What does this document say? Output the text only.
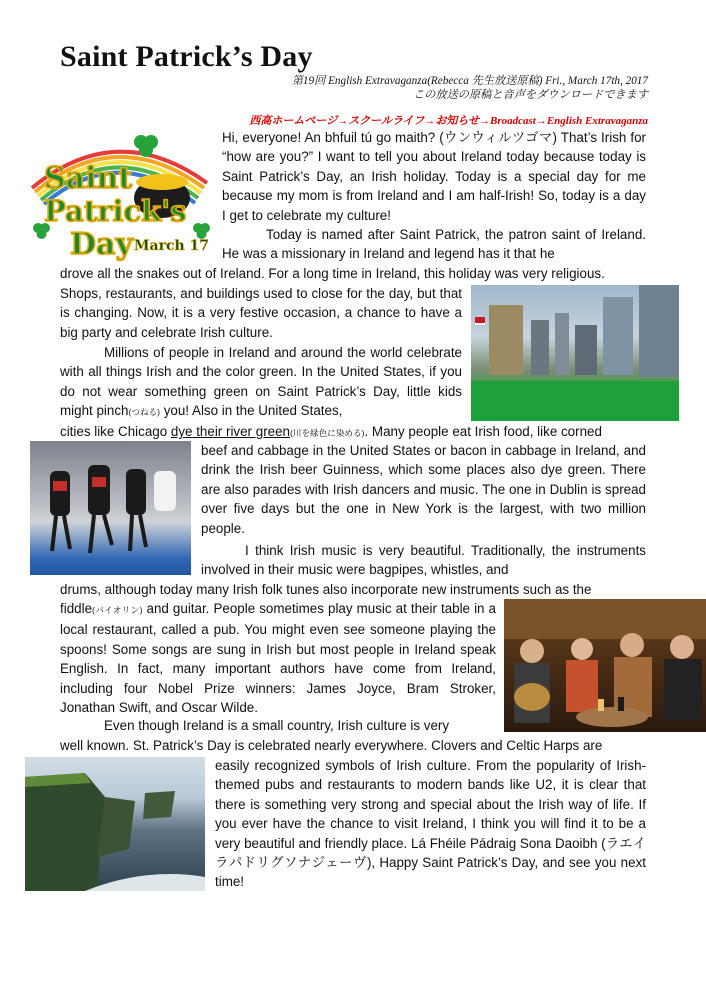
Saint Patrick’s Day
第19回 English Extravaganza(Rebecca 先生放送原稿) Fri., March 17th, 2017
この放送の原稿と音声をダウンロードできます
西高ホームページ→スクールライフ→お知らせ→Broadcast→English Extravaganza
Saint
Patrick's
Day March 17

Hi, everyone! An bhfuil tú go maith? (ウンウィルツゴマ) That’s Irish for “how are you?” I want to tell you about Ireland today because today is Saint Patrick’s Day, an Irish holiday. Today is a special day for me because my mom is from Ireland and I am half-Irish! So, today is a day I get to celebrate my culture!

Today is named after Saint Patrick, the patron saint of Ireland. He was a missionary in Ireland and legend has it that he

drove all the snakes out of Ireland. For a long time in Ireland, this holiday was very religious.

Shops, restaurants, and buildings used to close for the day, but that is changing. Now, it is a very festive occasion, a chance to have a big party and celebrate Irish culture.

Millions of people in Ireland and around the world celebrate with all things Irish and the color green. In the United States, if you do not wear something green on Saint Patrick’s Day, little kids might pinch(つねる) you! Also in the United States,

cities like Chicago dye their river green(川を緑色に染める). Many people eat Irish food, like corned

beef and cabbage in the United States or bacon in cabbage in Ireland, and drink the Irish beer Guinness, which some places also dye green. There are also parades with Irish dancers and music. The one in Dublin is spread over five days but the one in New York is the largest, with two million people.

I think Irish music is very beautiful. Traditionally, the instruments involved in their music were bagpipes, whistles, and

drums, although today many Irish folk tunes also incorporate new instruments such as the

fiddle(バイオリン) and guitar. People sometimes play music at their table in a local restaurant, called a pub. You might even see someone playing the spoons! Some songs are sung in Irish but most people in Ireland speak English. In fact, many important authors have come from Ireland, including four Nobel Prize winners: James Joyce, Bram Stroker, Jonathan Swift, and Oscar Wilde.

Even though Ireland is a small country, Irish culture is very

well known. St. Patrick’s Day is celebrated nearly everywhere. Clovers and Celtic Harps are

easily recognized symbols of Irish culture. From the popularity of Irish-themed pubs and restaurants to modern bands like U2, it is clear that there is something very strong and special about the Irish way of life. If you ever have the chance to visit Ireland, I think you will find it to be a very beautiful and friendly place. Lá Fhéile Pádraig Sona Daoibh (ラエイラパドリグソナジェーヴ), Happy Saint Patrick’s Day, and see you next time!
